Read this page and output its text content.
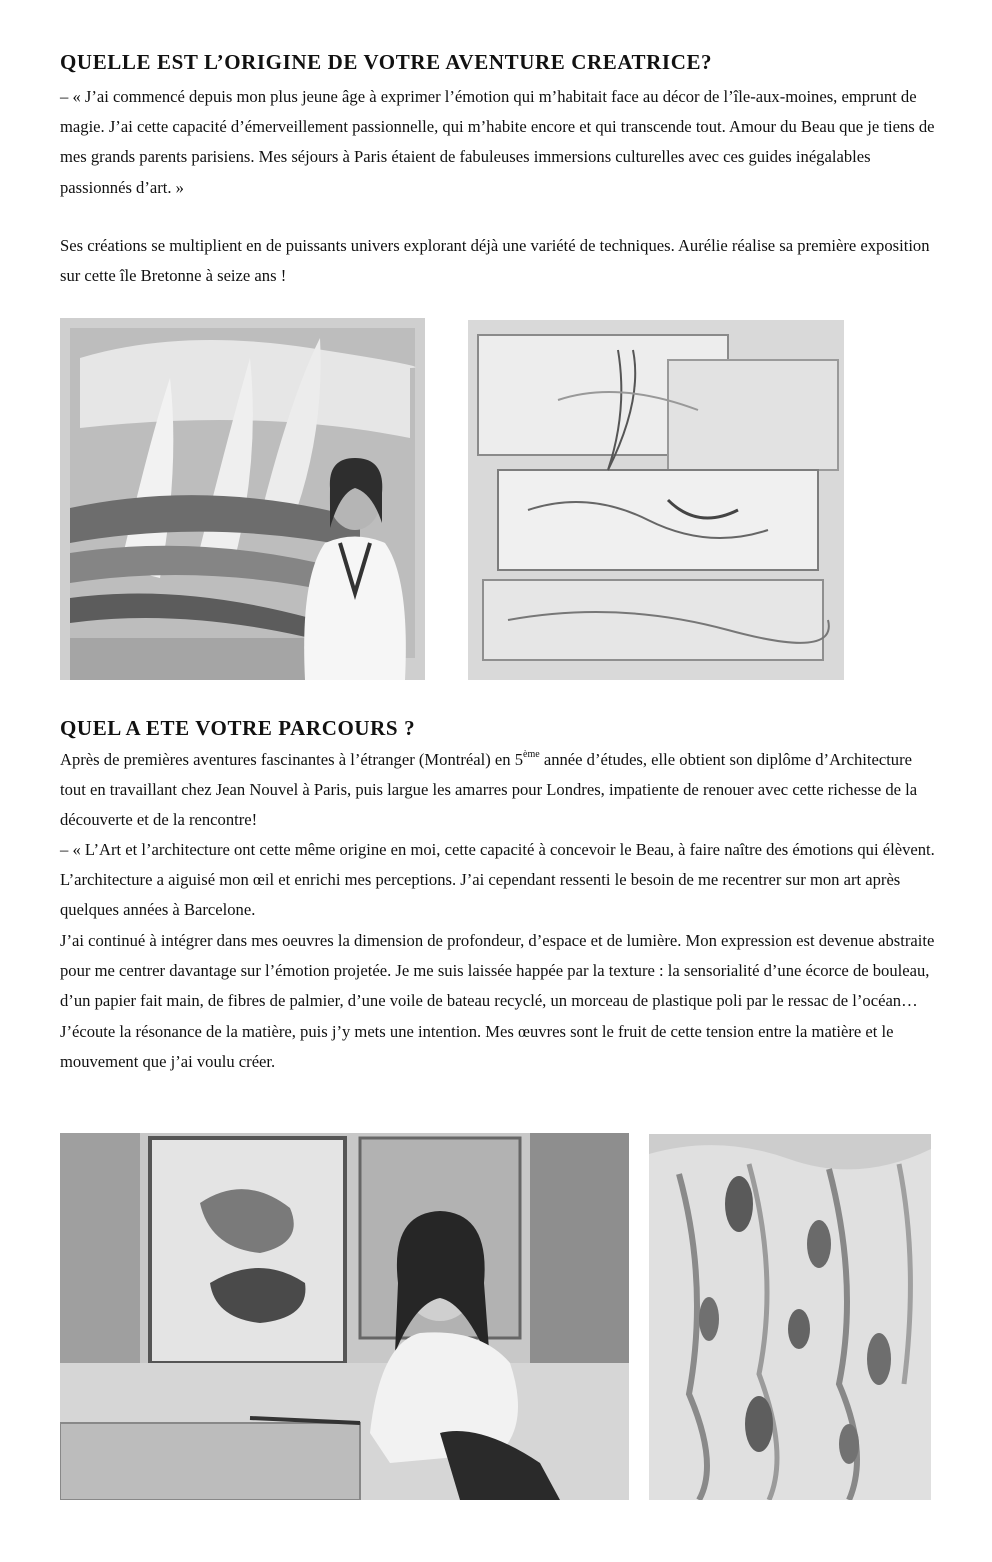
QUELLE EST L’ORIGINE DE VOTRE AVENTURE CREATRICE?

– « J’ai commencé depuis mon plus jeune âge à exprimer l’émotion qui m’habitait face au décor de l’île-aux-moines, emprunt de magie. J’ai cette capacité d’émerveillement passionnelle, qui m’habite encore et qui transcende tout. Amour du Beau que je tiens de mes grands parents parisiens. Mes séjours à Paris étaient de fabuleuses immersions culturelles avec ces guides inégalables passionnés d’art. »

Ses créations se multiplient en de puissants univers explorant déjà une variété de techniques. Aurélie réalise sa première exposition sur cette île Bretonne à seize ans !

QUEL A ETE VOTRE PARCOURS ?

Après de premières aventures fascinantes à l’étranger (Montréal) en 5ème année d’études, elle obtient son diplôme d’Architecture tout en travaillant chez Jean Nouvel à Paris, puis largue les amarres pour Londres, impatiente de renouer avec cette richesse de la découverte et de la rencontre!

– « L’Art et l’architecture ont cette même origine en moi, cette capacité à concevoir le Beau, à faire naître des émotions qui élèvent. L’architecture a aiguisé mon œil et enrichi mes perceptions. J’ai cependant ressenti le besoin de me recentrer sur mon art après quelques années à Barcelone.

J’ai continué à intégrer dans mes oeuvres la dimension de profondeur, d’espace et de lumière. Mon expression est devenue abstraite pour me centrer davantage sur l’émotion projetée. Je me suis laissée happée par la texture : la sensorialité d’une écorce de bouleau, d’un papier fait main, de fibres de palmier, d’une voile de bateau recyclé, un morceau de plastique poli par le ressac de l’océan… J’écoute la résonance de la matière, puis j’y mets une intention. Mes œuvres sont le fruit de cette tension entre la matière et le mouvement que j’ai voulu créer.
